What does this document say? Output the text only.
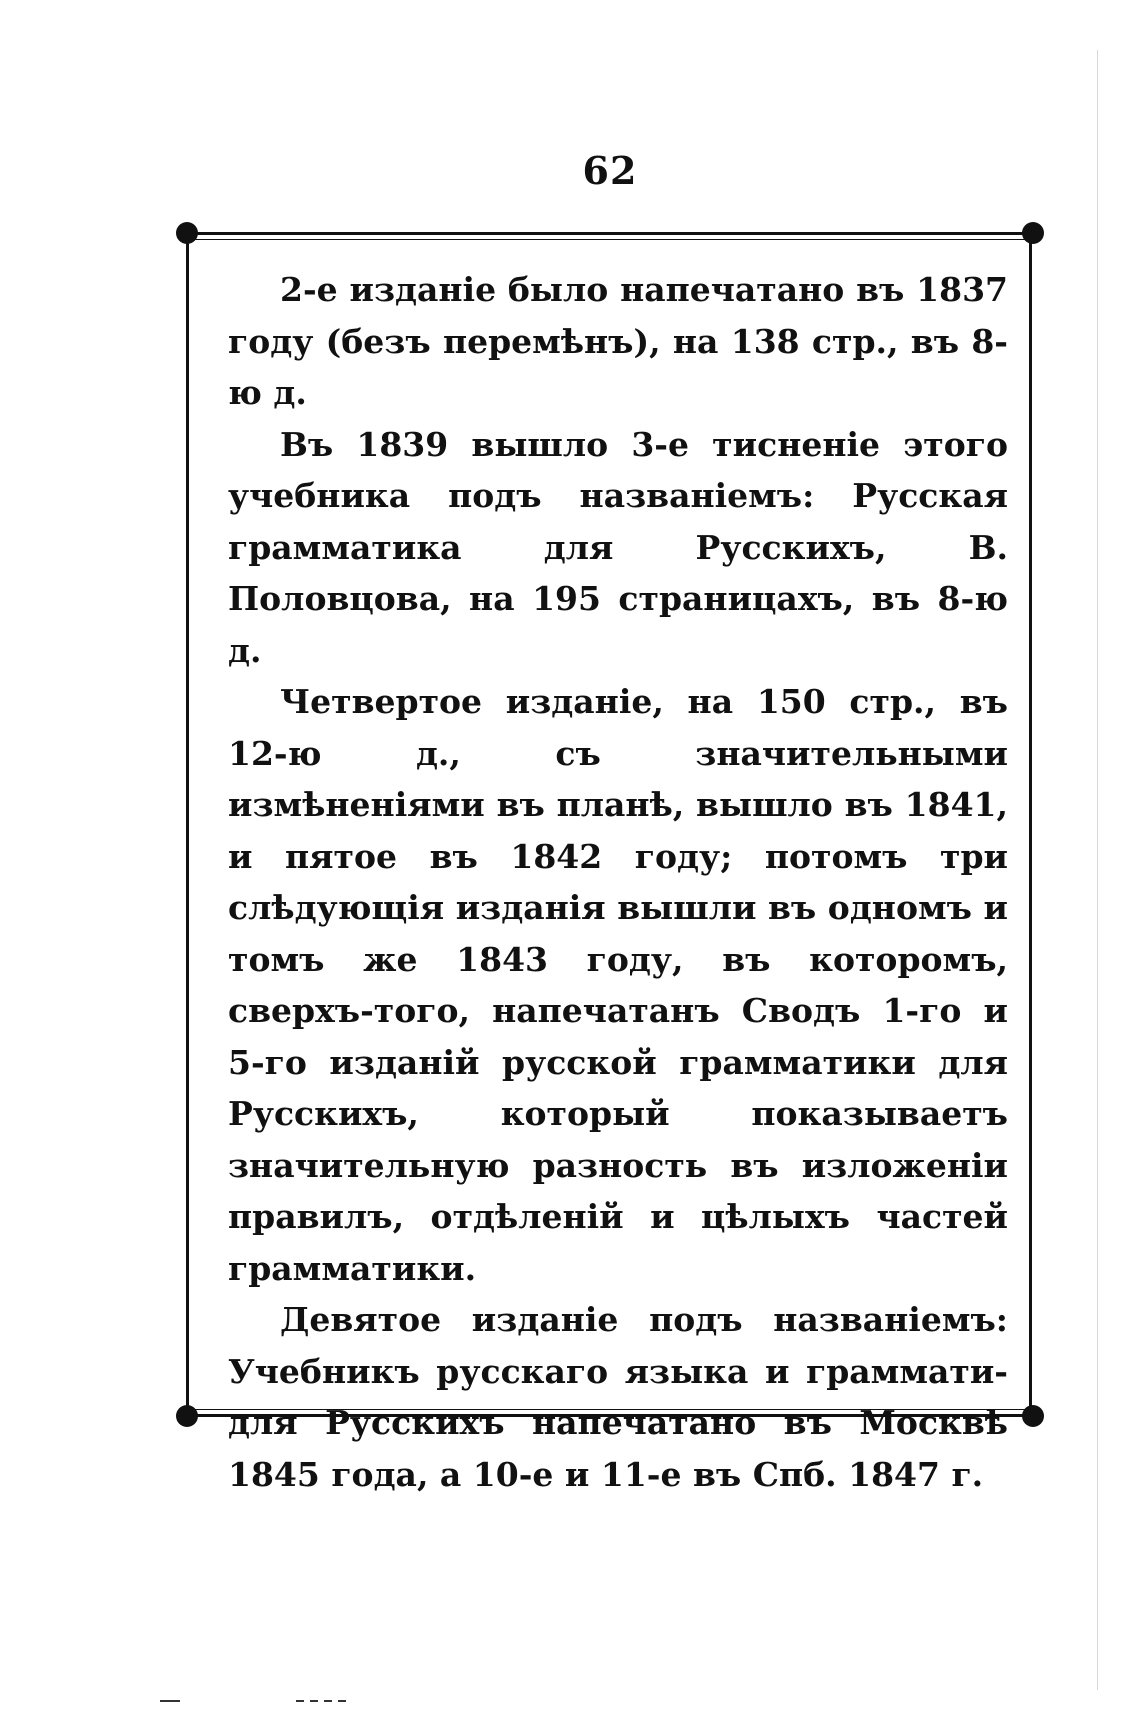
62

2-е изданіе было напечатано въ 1837 году (безъ перемѣнъ), на 138 стр., въ 8-ю д.

Въ 1839 вышло 3-е тисненіе этого учебника подъ названіемъ: Русская грамматика для Русскихъ, В. Половцова, на 195 страницахъ, въ 8-ю д.

Четвертое изданіе, на 150 стр., въ 12-ю д., съ значительными измѣненіями въ планѣ, вышло въ 1841, и пятое въ 1842 году; потомъ три слѣдующія изданія вышли въ одномъ и томъ же 1843 году, въ которомъ, сверхъ-того, напечатанъ Сводъ 1-го и 5-го изданій русской грамматики для Русскихъ, который показываетъ значительную разность въ изложеніи правилъ, отдѣленій и цѣлыхъ частей грамматики.

Девятое изданіе подъ названіемъ: Учебникъ русскаго языка и граммати- для Русскихъ напечатано въ Москвѣ 1845 года, а 10-е и 11-е въ Спб. 1847 г.
